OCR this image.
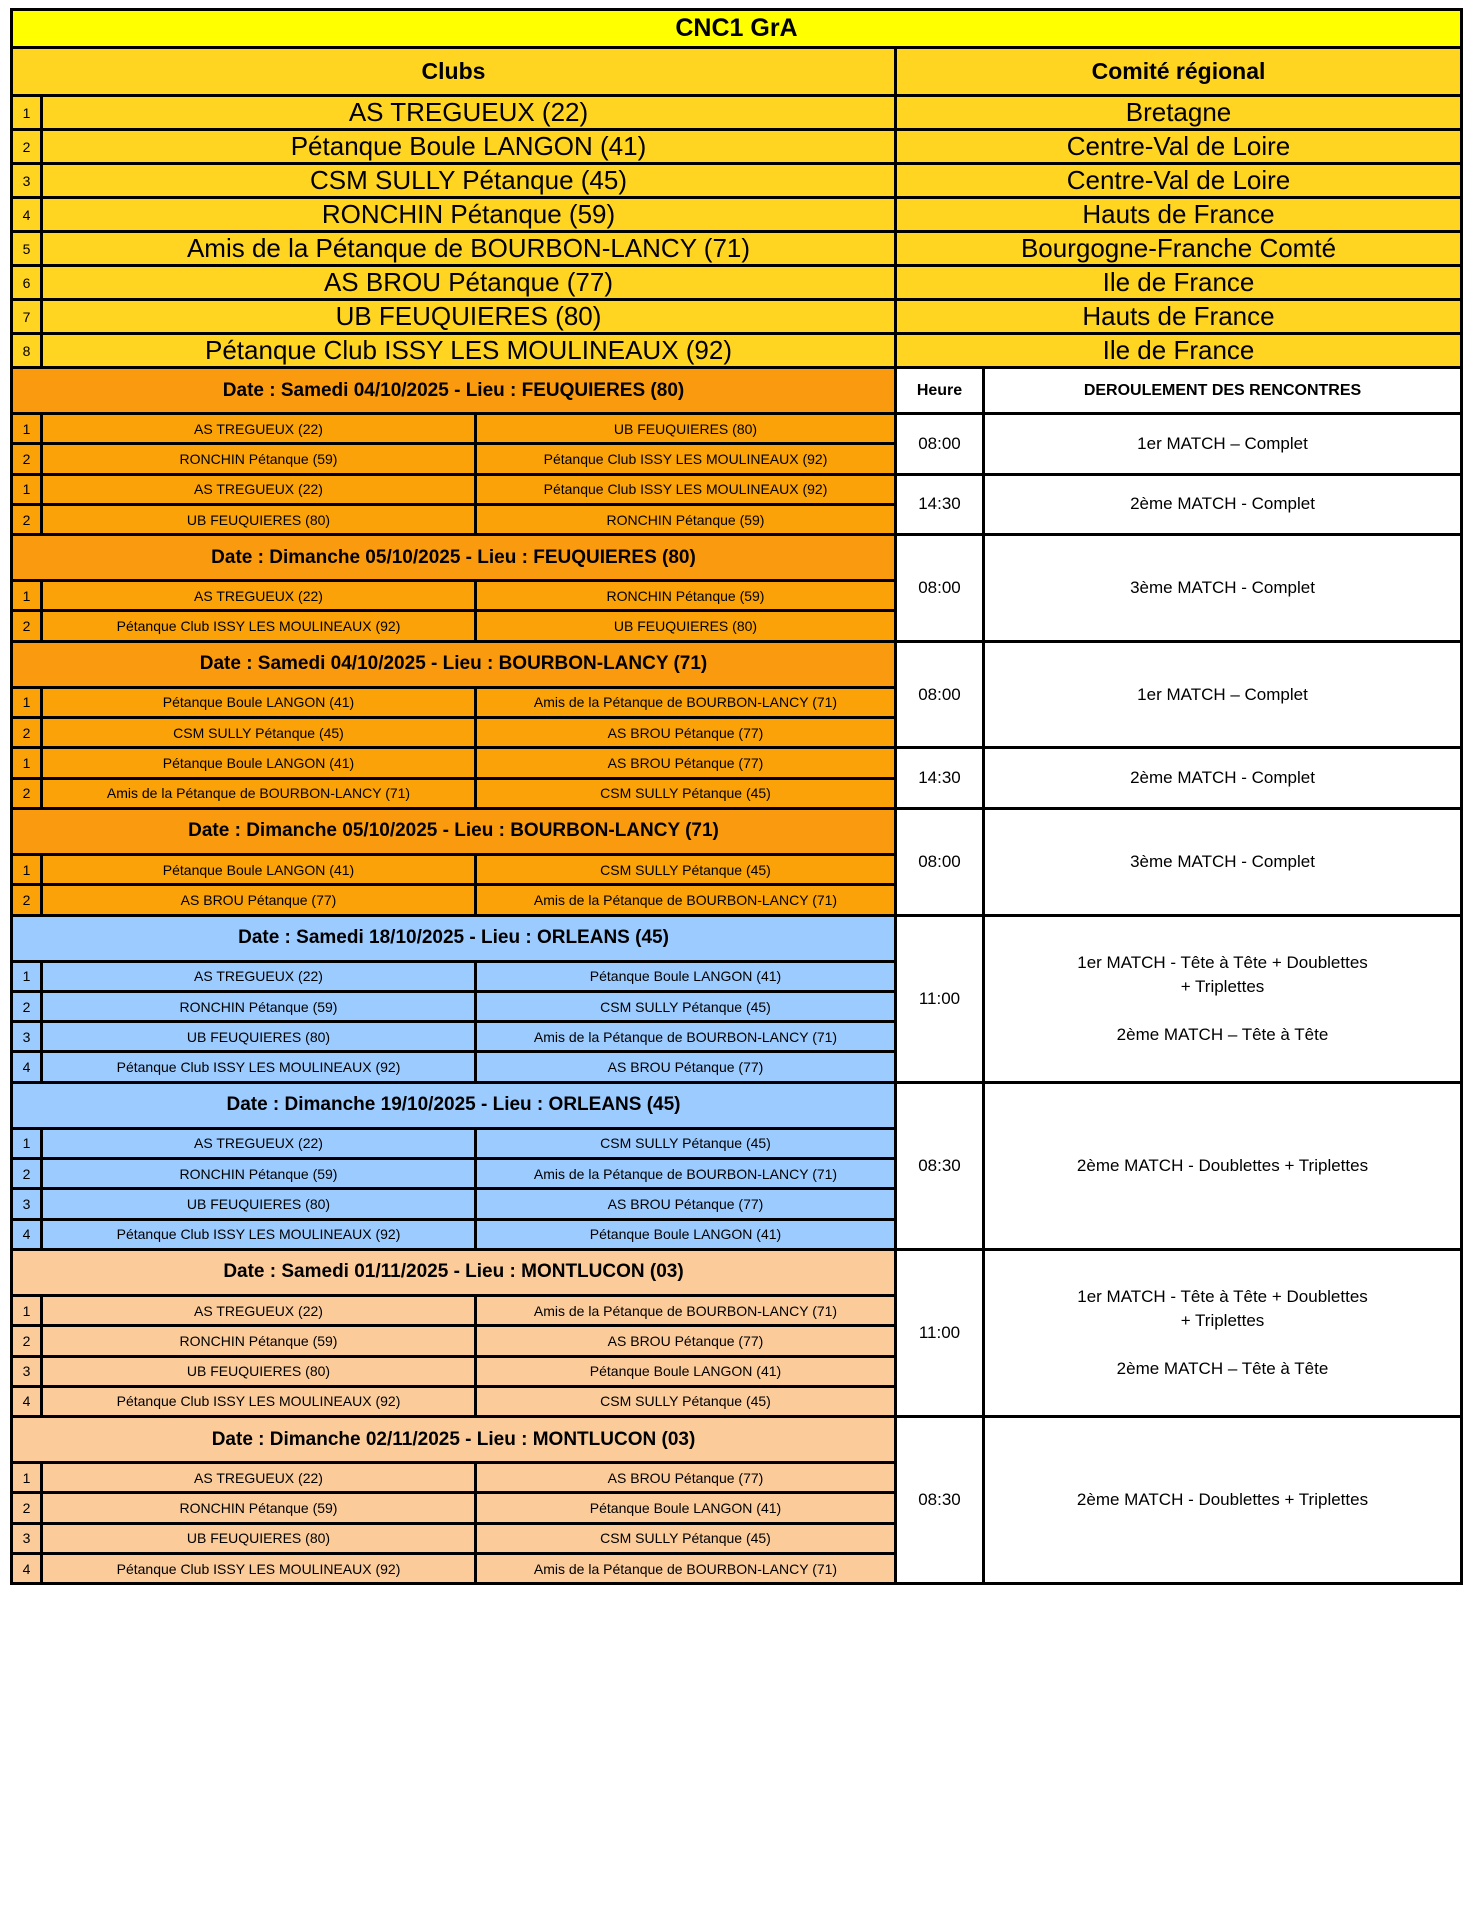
CNC1 GrA				
Clubs			Comité régional	
1	AS TREGUEUX (22)		Bretagne	
2	Pétanque Boule LANGON (41)		Centre-Val de Loire	
3	CSM SULLY Pétanque (45)		Centre-Val de Loire	
4	RONCHIN Pétanque (59)		Hauts de France	
5	Amis de la Pétanque de BOURBON-LANCY (71)		Bourgogne-Franche Comté	
6	AS BROU Pétanque (77)		Ile de France	
7	UB FEUQUIERES (80)		Hauts de France	
8	Pétanque Club ISSY LES MOULINEAUX (92)		Ile de France	
Date : Samedi 04/10/2025 - Lieu : FEUQUIERES (80)			Heure	DEROULEMENT DES RENCONTRES
1	AS TREGUEUX (22)	UB FEUQUIERES (80)	08:00	1er MATCH – Complet
2	RONCHIN Pétanque (59)	Pétanque Club ISSY LES MOULINEAUX (92)		
1	AS TREGUEUX (22)	Pétanque Club ISSY LES MOULINEAUX (92)	14:30	2ème MATCH - Complet
2	UB FEUQUIERES (80)	RONCHIN Pétanque (59)		
Date : Dimanche 05/10/2025 - Lieu : FEUQUIERES (80)			08:00	3ème MATCH - Complet
1	AS TREGUEUX (22)	RONCHIN Pétanque (59)		
2	Pétanque Club ISSY LES MOULINEAUX (92)	UB FEUQUIERES (80)		
Date : Samedi 04/10/2025 - Lieu : BOURBON-LANCY (71)			08:00	1er MATCH – Complet
1	Pétanque Boule LANGON (41)	Amis de la Pétanque de BOURBON-LANCY (71)		
2	CSM SULLY Pétanque (45)	AS BROU Pétanque (77)		
1	Pétanque Boule LANGON (41)	AS BROU Pétanque (77)	14:30	2ème MATCH - Complet
2	Amis de la Pétanque de BOURBON-LANCY (71)	CSM SULLY Pétanque (45)		
Date : Dimanche 05/10/2025 - Lieu : BOURBON-LANCY (71)			08:00	3ème MATCH - Complet
1	Pétanque Boule LANGON (41)	CSM SULLY Pétanque (45)		
2	AS BROU Pétanque (77)	Amis de la Pétanque de BOURBON-LANCY (71)		
Date : Samedi 18/10/2025 - Lieu : ORLEANS (45)			11:00	1er MATCH - Tête à Tête + Doublettes
+ Triplettes

2ème MATCH – Tête à Tête

1	AS TREGUEUX (22)	Pétanque Boule LANGON (41)		
2	RONCHIN Pétanque (59)	CSM SULLY Pétanque (45)		
3	UB FEUQUIERES (80)	Amis de la Pétanque de BOURBON-LANCY (71)		
4	Pétanque Club ISSY LES MOULINEAUX (92)	AS BROU Pétanque (77)		
Date : Dimanche 19/10/2025 - Lieu : ORLEANS (45)			08:30	2ème MATCH - Doublettes + Triplettes
1	AS TREGUEUX (22)	CSM SULLY Pétanque (45)		
2	RONCHIN Pétanque (59)	Amis de la Pétanque de BOURBON-LANCY (71)		
3	UB FEUQUIERES (80)	AS BROU Pétanque (77)		
4	Pétanque Club ISSY LES MOULINEAUX (92)	Pétanque Boule LANGON (41)		
Date : Samedi 01/11/2025 - Lieu : MONTLUCON (03)			11:00	1er MATCH - Tête à Tête + Doublettes
+ Triplettes

2ème MATCH – Tête à Tête

1	AS TREGUEUX (22)	Amis de la Pétanque de BOURBON-LANCY (71)		
2	RONCHIN Pétanque (59)	AS BROU Pétanque (77)		
3	UB FEUQUIERES (80)	Pétanque Boule LANGON (41)		
4	Pétanque Club ISSY LES MOULINEAUX (92)	CSM SULLY Pétanque (45)		
Date : Dimanche 02/11/2025 - Lieu : MONTLUCON (03)			08:30	2ème MATCH - Doublettes + Triplettes
1	AS TREGUEUX (22)	AS BROU Pétanque (77)		
2	RONCHIN Pétanque (59)	Pétanque Boule LANGON (41)		
3	UB FEUQUIERES (80)	CSM SULLY Pétanque (45)		
4	Pétanque Club ISSY LES MOULINEAUX (92)	Amis de la Pétanque de BOURBON-LANCY (71)		
